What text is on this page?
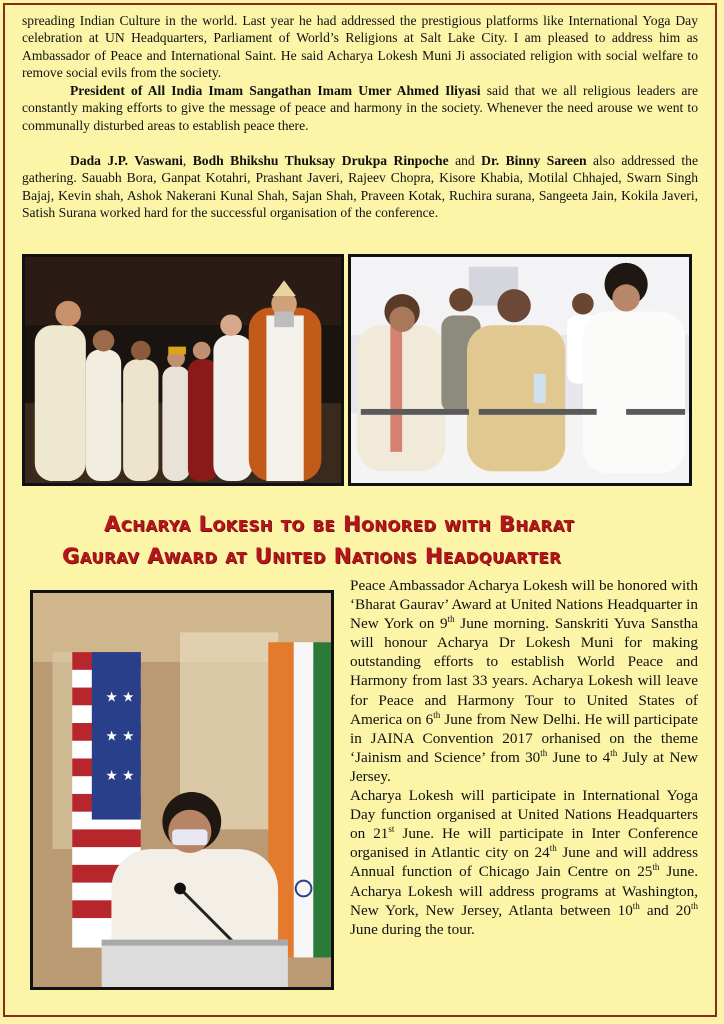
spreading Indian Culture in the world. Last year he had addressed the prestigious platforms like International Yoga Day celebration at UN Headquarters, Parliament of World’s Religions at Salt Lake City. I am pleased to address him as Ambassador of Peace and International Saint. He said Acharya Lokesh Muni Ji associated religion with social welfare to remove social evils from the society.
President of All India Imam Sangathan Imam Umer Ahmed Iliyasi said that we all religious leaders are constantly making efforts to give the message of peace and harmony in the society. Whenever the need arouse we went to communally disturbed areas to establish peace there.
Dada J.P. Vaswani, Bodh Bhikshu Thuksay Drukpa Rinpoche and Dr. Binny Sareen also addressed the gathering. Sauabh Bora, Ganpat Kotahri, Prashant Javeri, Rajeev Chopra, Kisore Khabia, Motilal Chhajed, Swarn Singh Bajaj, Kevin shah, Ashok Nakerani Kunal Shah, Sajan Shah, Praveen Kotak, Ruchira surana, Sangeeta Jain, Kokila Javeri, Satish Surana worked hard for the successful organisation of the conference.
Acharya Lokesh to be Honored with Bharat
Gaurav Award at United Nations Headquarter
★ ★
★ ★
★ ★
Peace Ambassador Acharya Lokesh will be honored with ‘Bharat Gaurav’ Award at United Nations Headquarter in New York on 9th June morning. Sanskriti Yuva Sanstha will honour Acharya Dr Lokesh Muni for making outstanding efforts to establish World Peace and Harmony from last 33 years. Acharya Lokesh will leave for Peace and Harmony Tour to United States of America on 6th June from New Delhi. He will participate in JAINA Convention 2017 orhanised on the theme ‘Jainism and Science’ from 30th June to 4th July at New Jersey.
Acharya Lokesh will participate in International Yoga Day function organised at United Nations Headquarters on 21st June. He will participate in Inter Conference organised in Atlantic city on 24th June and will address Annual function of Chicago Jain Centre on 25th June. Acharya Lokesh will address programs at Washington, New York, New Jersey, Atlanta between 10th and 20th June during the tour.
